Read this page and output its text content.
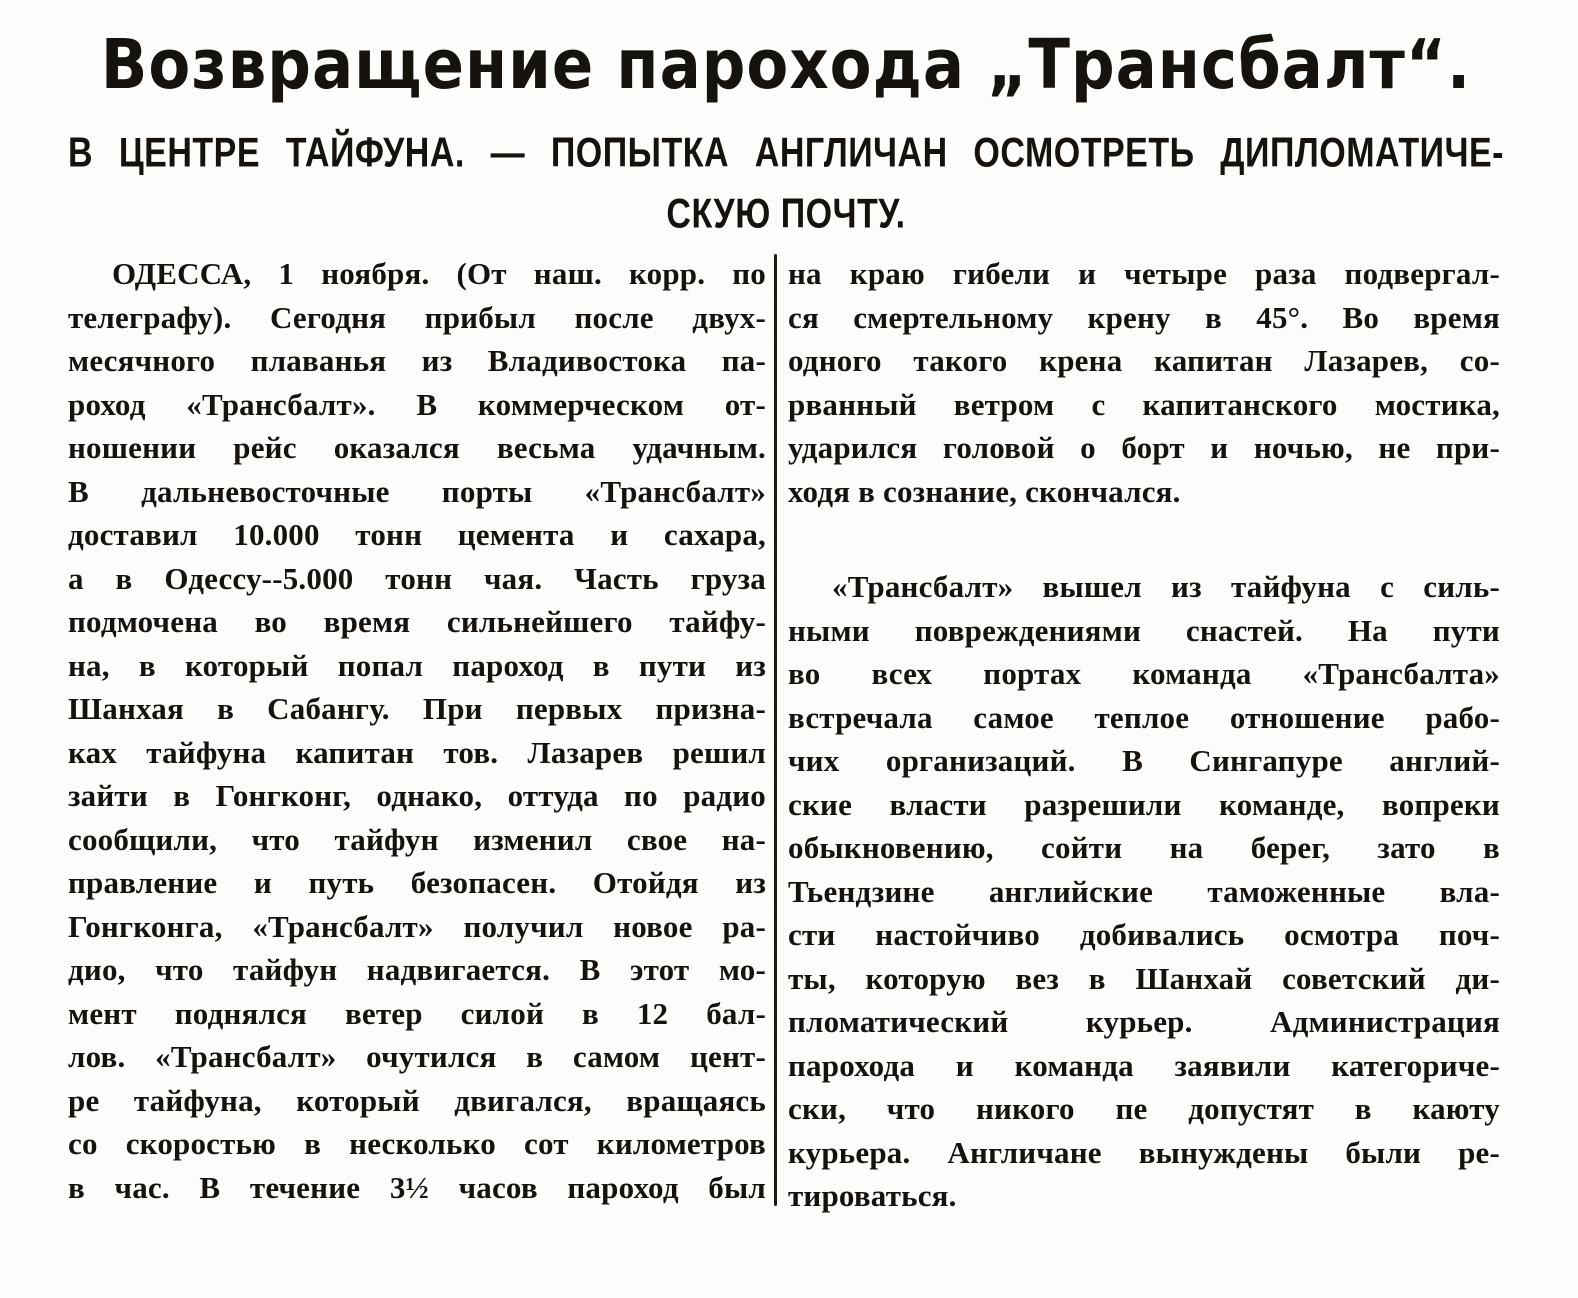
Возвращение парохода „Трансбалт“.
В ЦЕНТРЕ ТАЙФУНА. — ПОПЫТКА АНГЛИЧАН ОСМОТРЕТЬ ДИПЛОМАТИЧЕ-
СКУЮ ПОЧТУ.
ОДЕССА, 1 ноября. (От наш. корр. по
телеграфу). Сегодня прибыл после двух-
месячного плаванья из Владивостока па-
роход «Трансбалт». В коммерческом от-
ношении рейс оказался весьма удачным.
В дальневосточные порты «Трансбалт»
доставил 10.000 тонн цемента и сахара,
а в Одессу--5.000 тонн чая. Часть груза
подмочена во время сильнейшего тайфу-
на, в который попал пароход в пути из
Шанхая в Сабангу. При первых призна-
ках тайфуна капитан тов. Лазарев решил
зайти в Гонгконг, однако, оттуда по радио
сообщили, что тайфун изменил свое на-
правление и путь безопасен. Отойдя из
Гонгконга, «Трансбалт» получил новое ра-
дио, что тайфун надвигается. В этот мо-
мент поднялся ветер силой в 12 бал-
лов. «Трансбалт» очутился в самом цент-
ре тайфуна, который двигался, вращаясь
со скоростью в несколько сот километров
в час. В течение 3½ часов пароход был
на краю гибели и четыре раза подвергал-
ся смертельному крену в 45°. Во время
одного такого крена капитан Лазарев, со-
рванный ветром с капитанского мостика,
ударился головой о борт и ночью, не при-
ходя в сознание, скончался.
«Трансбалт» вышел из тайфуна с силь-
ными повреждениями снастей. На пути
во всех портах команда «Трансбалта»
встречала самое теплое отношение рабо-
чих организаций. В Сингапуре англий-
ские власти разрешили команде, вопреки
обыкновению, сойти на берег, зато в
Тьендзине английские таможенные вла-
сти настойчиво добивались осмотра поч-
ты, которую вез в Шанхай советский ди-
пломатический курьер. Администрация
парохода и команда заявили категориче-
ски, что никого пе допустят в каюту
курьера. Англичане вынуждены были ре-
тироваться.
